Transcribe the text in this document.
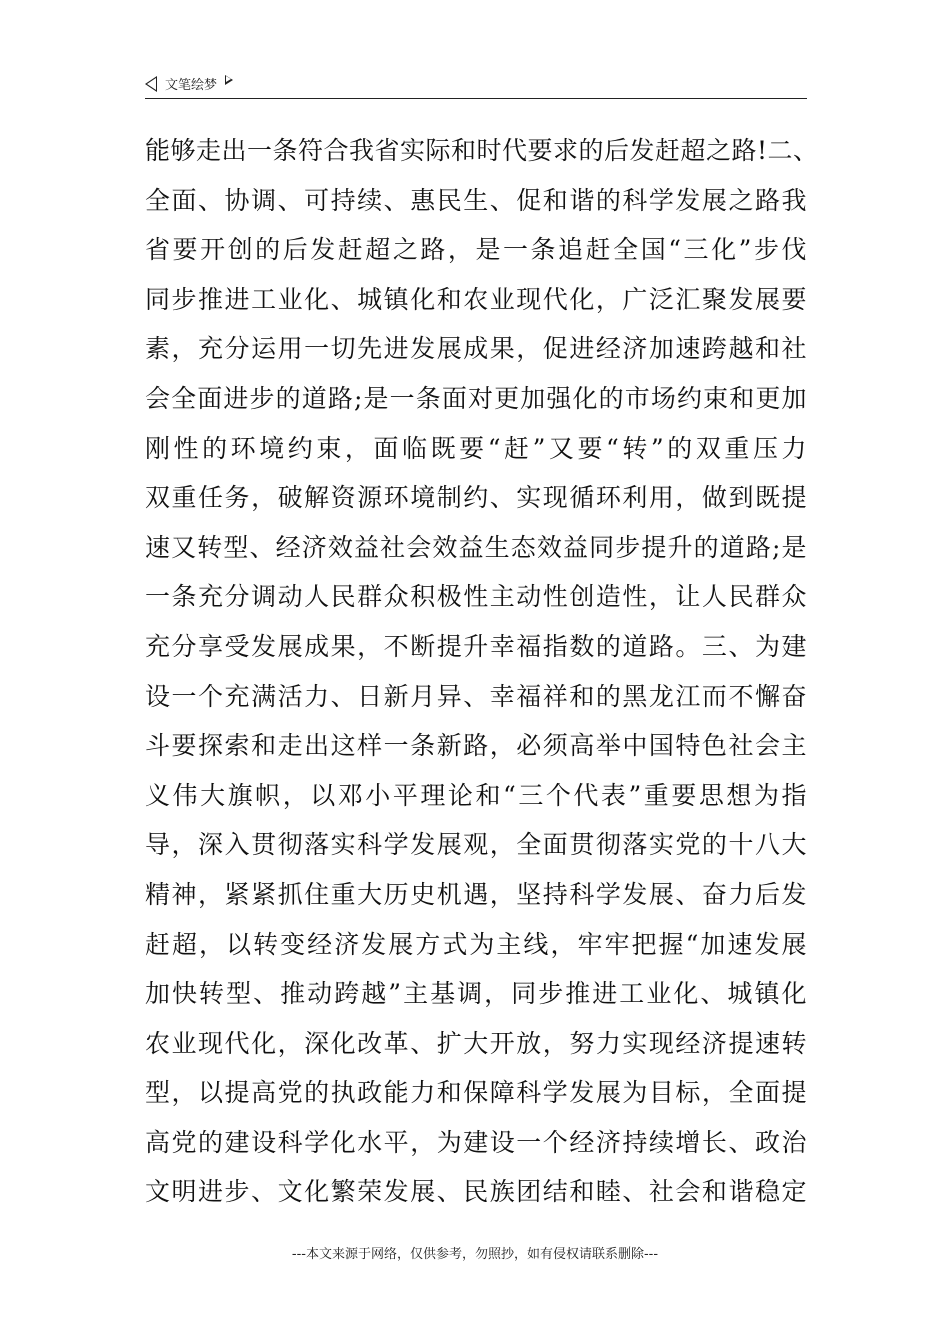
文笔绘梦
能够走出一条符合我省实际和时代要求的后发赶超之路!二、
全面、协调、可持续、惠民生、促和谐的科学发展之路我
省要开创的后发赶超之路，是一条追赶全国“三化”步伐
同步推进工业化、城镇化和农业现代化，广泛汇聚发展要
素，充分运用一切先进发展成果，促进经济加速跨越和社
会全面进步的道路;是一条面对更加强化的市场约束和更加
刚性的环境约束，面临既要“赶”又要“转”的双重压力
双重任务，破解资源环境制约、实现循环利用，做到既提
速又转型、经济效益社会效益生态效益同步提升的道路;是
一条充分调动人民群众积极性主动性创造性，让人民群众
充分享受发展成果，不断提升幸福指数的道路。三、为建
设一个充满活力、日新月异、幸福祥和的黑龙江而不懈奋
斗要探索和走出这样一条新路，必须高举中国特色社会主
义伟大旗帜，以邓小平理论和“三个代表”重要思想为指
导，深入贯彻落实科学发展观，全面贯彻落实党的十八大
精神，紧紧抓住重大历史机遇，坚持科学发展、奋力后发
赶超，以转变经济发展方式为主线，牢牢把握“加速发展
加快转型、推动跨越”主基调，同步推进工业化、城镇化
农业现代化，深化改革、扩大开放，努力实现经济提速转
型，以提高党的执政能力和保障科学发展为目标，全面提
高党的建设科学化水平，为建设一个经济持续增长、政治
文明进步、文化繁荣发展、民族团结和睦、社会和谐稳定
---本文来源于网络，仅供参考，勿照抄，如有侵权请联系删除---
